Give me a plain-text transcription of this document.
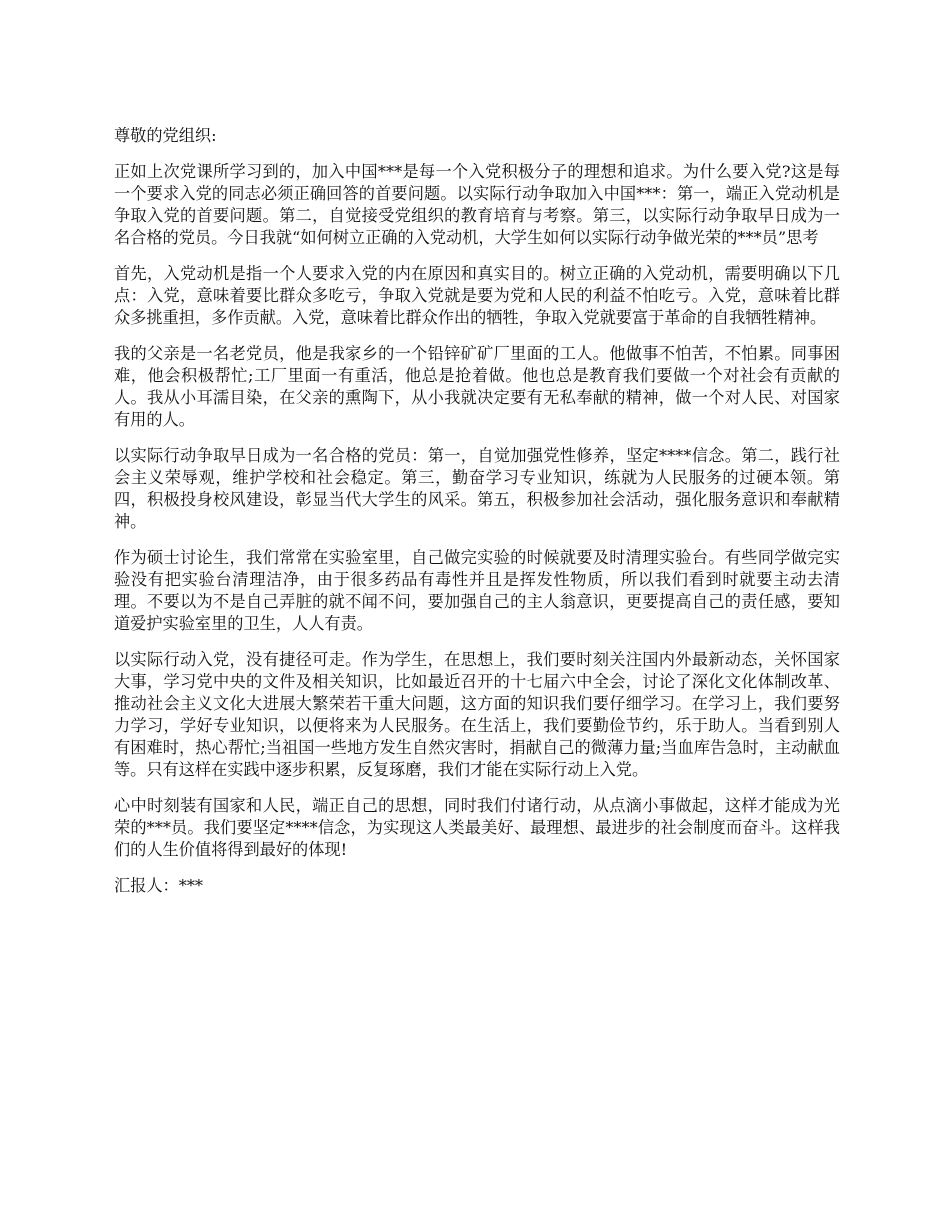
尊敬的党组织:

正如上次党课所学习到的，加入中国***是每一个入党积极分子的理想和追求。为什么要入党?这是每一个要求入党的同志必须正确回答的首要问题。以实际行动争取加入中国***：第一，端正入党动机是争取入党的首要问题。第二，自觉接受党组织的教育培育与考察。第三，以实际行动争取早日成为一名合格的党员。今日我就“如何树立正确的入党动机，大学生如何以实际行动争做光荣的***员”思考

首先，入党动机是指一个人要求入党的内在原因和真实目的。树立正确的入党动机，需要明确以下几点：入党，意味着要比群众多吃亏，争取入党就是要为党和人民的利益不怕吃亏。入党，意味着比群众多挑重担，多作贡献。入党，意味着比群众作出的牺牲，争取入党就要富于革命的自我牺牲精神。

我的父亲是一名老党员，他是我家乡的一个铅锌矿矿厂里面的工人。他做事不怕苦，不怕累。同事困难，他会积极帮忙;工厂里面一有重活，他总是抢着做。他也总是教育我们要做一个对社会有贡献的人。我从小耳濡目染，在父亲的熏陶下，从小我就决定要有无私奉献的精神，做一个对人民、对国家有用的人。

以实际行动争取早日成为一名合格的党员：第一，自觉加强党性修养，坚定****信念。第二，践行社会主义荣辱观，维护学校和社会稳定。第三，勤奋学习专业知识，练就为人民服务的过硬本领。第四，积极投身校风建设，彰显当代大学生的风采。第五，积极参加社会活动，强化服务意识和奉献精神。

作为硕士讨论生，我们常常在实验室里，自己做完实验的时候就要及时清理实验台。有些同学做完实验没有把实验台清理洁净，由于很多药品有毒性并且是挥发性物质，所以我们看到时就要主动去清理。不要以为不是自己弄脏的就不闻不问，要加强自己的主人翁意识，更要提高自己的责任感，要知道爱护实验室里的卫生，人人有责。

以实际行动入党，没有捷径可走。作为学生，在思想上，我们要时刻关注国内外最新动态，关怀国家大事，学习党中央的文件及相关知识，比如最近召开的十七届六中全会，讨论了深化文化体制改革、推动社会主义文化大进展大繁荣若干重大问题，这方面的知识我们要仔细学习。在学习上，我们要努力学习，学好专业知识，以便将来为人民服务。在生活上，我们要勤俭节约，乐于助人。当看到别人有困难时，热心帮忙;当祖国一些地方发生自然灾害时，捐献自己的微薄力量;当血库告急时，主动献血等。只有这样在实践中逐步积累，反复琢磨，我们才能在实际行动上入党。

心中时刻装有国家和人民，端正自己的思想，同时我们付诸行动，从点滴小事做起，这样才能成为光荣的***员。我们要坚定****信念，为实现这人类最美好、最理想、最进步的社会制度而奋斗。这样我们的人生价值将得到最好的体现!

汇报人：***
